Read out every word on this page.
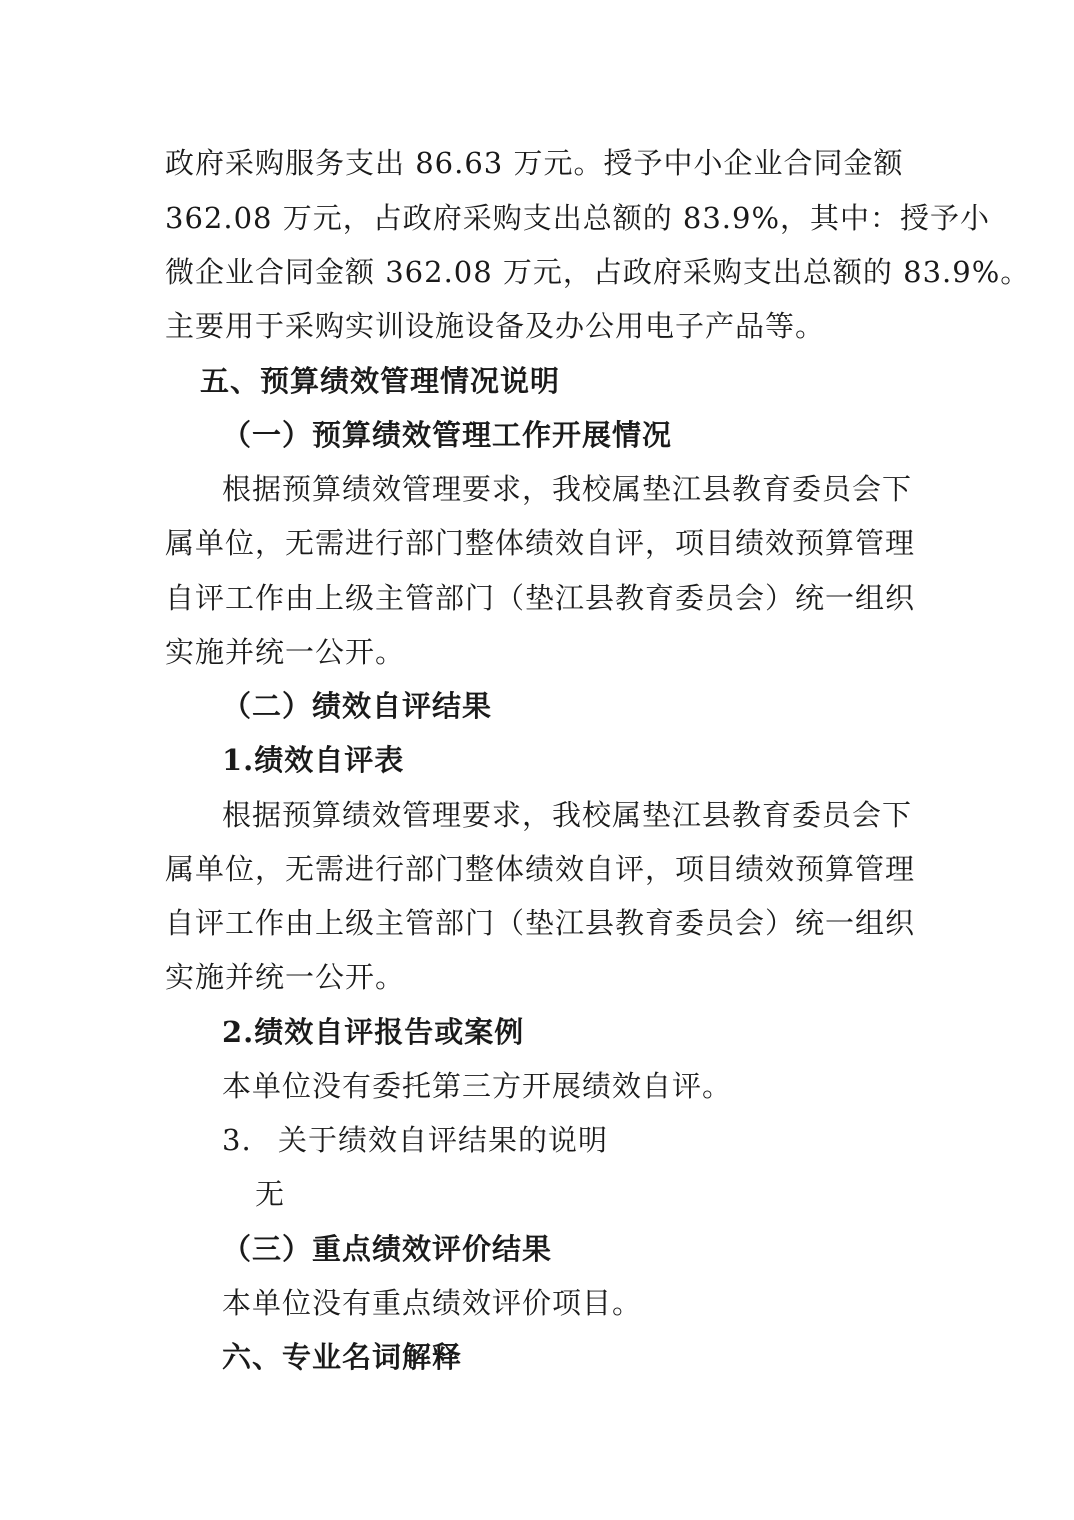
政府采购服务支出 86.63 万元。授予中小企业合同金额
362.08 万元，占政府采购支出总额的 83.9%，其中：授予小
微企业合同金额 362.08 万元，占政府采购支出总额的 83.9%。
主要用于采购实训设施设备及办公用电子产品等。
五、预算绩效管理情况说明
（一）预算绩效管理工作开展情况
根据预算绩效管理要求，我校属垫江县教育委员会下
属单位，无需进行部门整体绩效自评，项目绩效预算管理
自评工作由上级主管部门（垫江县教育委员会）统一组织
实施并统一公开。
（二）绩效自评结果
1.绩效自评表
根据预算绩效管理要求，我校属垫江县教育委员会下
属单位，无需进行部门整体绩效自评，项目绩效预算管理
自评工作由上级主管部门（垫江县教育委员会）统一组织
实施并统一公开。
2.绩效自评报告或案例
本单位没有委托第三方开展绩效自评。
3. 关于绩效自评结果的说明
无
（三）重点绩效评价结果
本单位没有重点绩效评价项目。
六、专业名词解释
